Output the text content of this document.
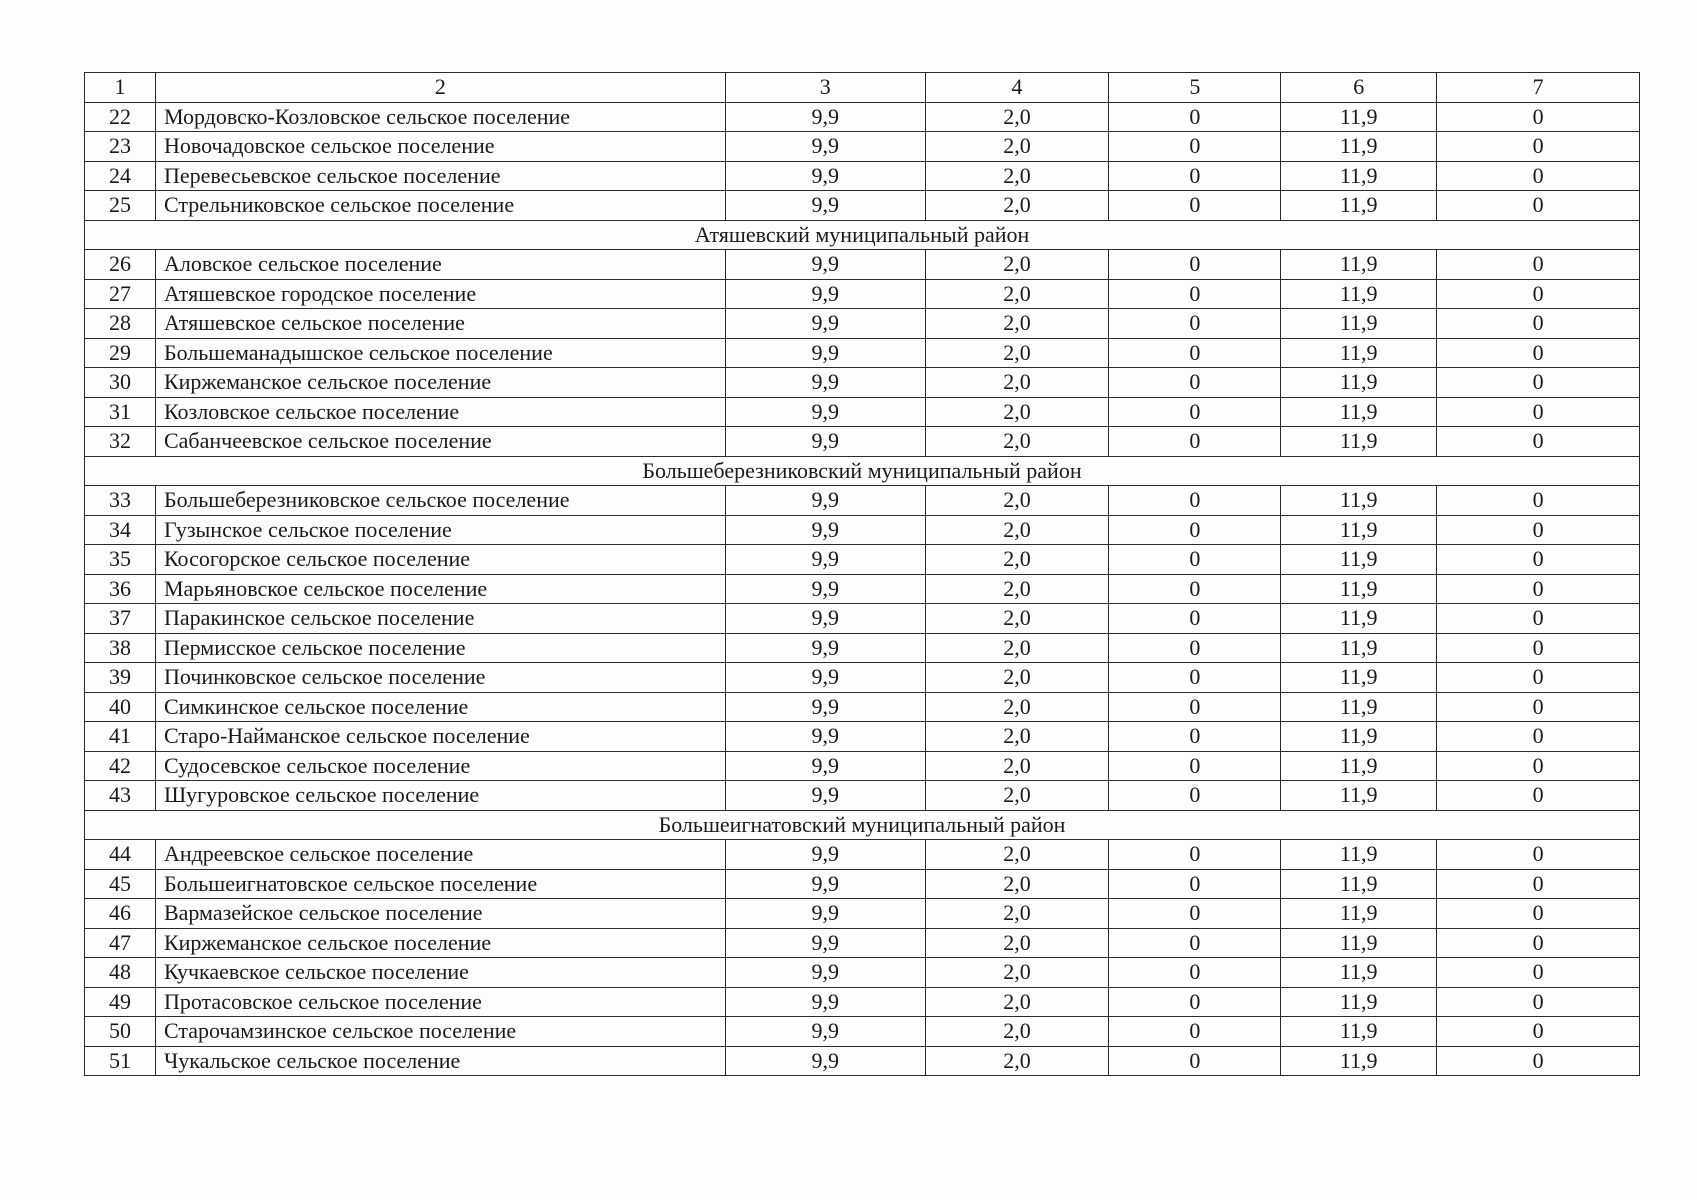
1	2	3	4	5	6	7
22	Мордовско-Козловское сельское поселение	9,9	2,0	0	11,9	0
23	Новочадовское сельское поселение	9,9	2,0	0	11,9	0
24	Перевесьевское сельское поселение	9,9	2,0	0	11,9	0
25	Стрельниковское сельское поселение	9,9	2,0	0	11,9	0
Атяшевский муниципальный район						
26	Аловское сельское поселение	9,9	2,0	0	11,9	0
27	Атяшевское городское поселение	9,9	2,0	0	11,9	0
28	Атяшевское сельское поселение	9,9	2,0	0	11,9	0
29	Большеманадышское сельское поселение	9,9	2,0	0	11,9	0
30	Киржеманское сельское поселение	9,9	2,0	0	11,9	0
31	Козловское сельское поселение	9,9	2,0	0	11,9	0
32	Сабанчеевское сельское поселение	9,9	2,0	0	11,9	0
Большеберезниковский муниципальный район						
33	Большеберезниковское сельское поселение	9,9	2,0	0	11,9	0
34	Гузынское сельское поселение	9,9	2,0	0	11,9	0
35	Косогорское сельское поселение	9,9	2,0	0	11,9	0
36	Марьяновское сельское поселение	9,9	2,0	0	11,9	0
37	Паракинское сельское поселение	9,9	2,0	0	11,9	0
38	Пермисское сельское поселение	9,9	2,0	0	11,9	0
39	Починковское сельское поселение	9,9	2,0	0	11,9	0
40	Симкинское сельское поселение	9,9	2,0	0	11,9	0
41	Старо-Найманское сельское поселение	9,9	2,0	0	11,9	0
42	Судосевское сельское поселение	9,9	2,0	0	11,9	0
43	Шугуровское сельское поселение	9,9	2,0	0	11,9	0
Большеигнатовский муниципальный район						
44	Андреевское сельское поселение	9,9	2,0	0	11,9	0
45	Большеигнатовское сельское поселение	9,9	2,0	0	11,9	0
46	Вармазейское сельское поселение	9,9	2,0	0	11,9	0
47	Киржеманское сельское поселение	9,9	2,0	0	11,9	0
48	Кучкаевское сельское поселение	9,9	2,0	0	11,9	0
49	Протасовское сельское поселение	9,9	2,0	0	11,9	0
50	Старочамзинское сельское поселение	9,9	2,0	0	11,9	0
51	Чукальское сельское поселение	9,9	2,0	0	11,9	0
